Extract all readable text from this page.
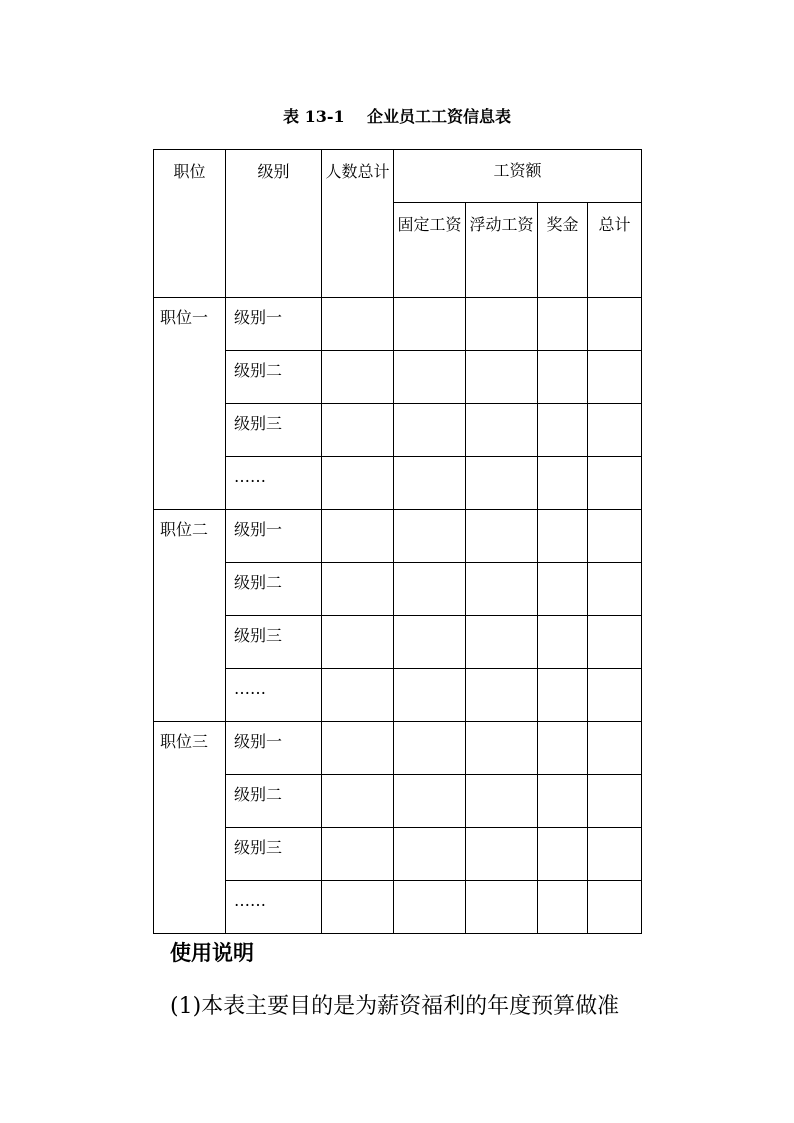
表 13-1    企业员工工资信息表
职位	级别	人数总计	工资额			
			固定工资	浮动工资	奖金	总计
职位一	级别一					
	级别二					
	级别三					
	……					
职位二	级别一					
	级别二					
	级别三					
	……					
职位三	级别一					
	级别二					
	级别三					
	……					
使用说明
(1)本表主要目的是为薪资福利的年度预算做准
